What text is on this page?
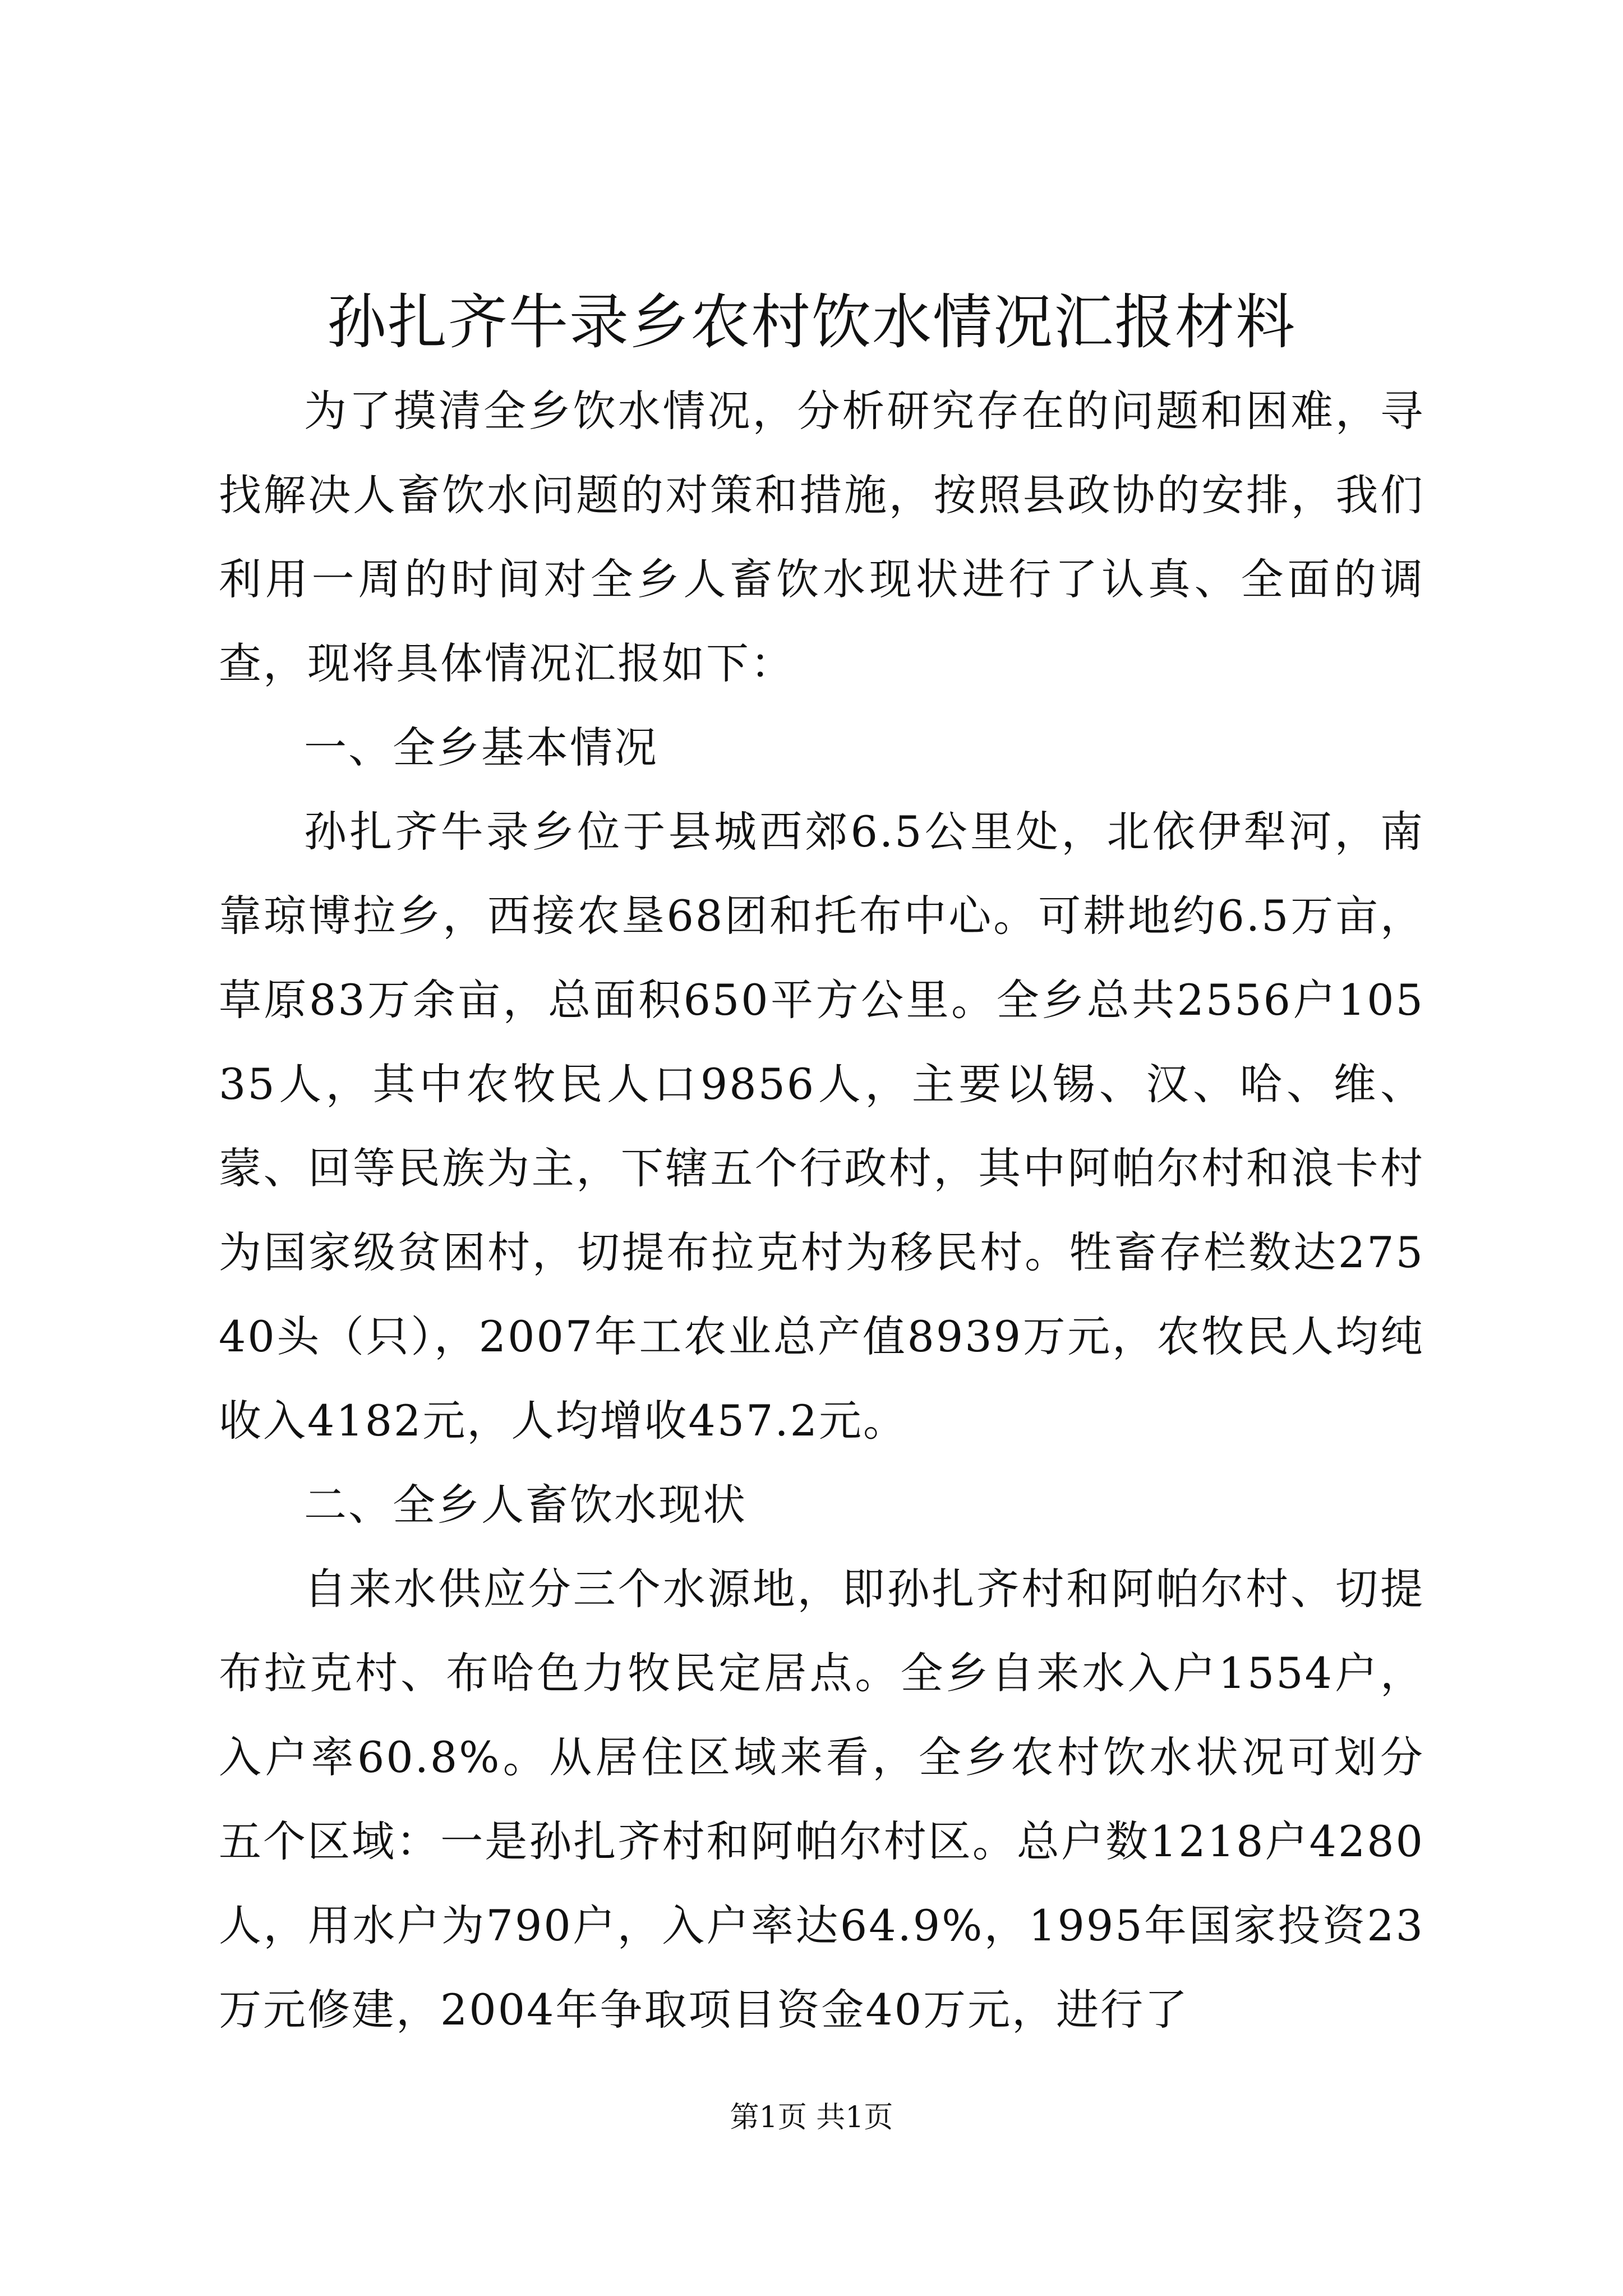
孙扎齐牛录乡农村饮水情况汇报材料

为了摸清全乡饮水情况，分析研究存在的问题和困难，寻找解决人畜饮水问题的对策和措施，按照县政协的安排，我们利用一周的时间对全乡人畜饮水现状进行了认真、全面的调查，现将具体情况汇报如下：

一、全乡基本情况

孙扎齐牛录乡位于县城西郊6.5公里处，北依伊犁河，南靠琼博拉乡，西接农垦68团和托布中心。可耕地约6.5万亩，草原83万余亩，总面积650平方公里。全乡总共2556户10535人，其中农牧民人口9856人，主要以锡、汉、哈、维、蒙、回等民族为主，下辖五个行政村，其中阿帕尔村和浪卡村为国家级贫困村，切提布拉克村为移民村。牲畜存栏数达27540头（只），2007年工农业总产值8939万元，农牧民人均纯收入4182元，人均增收457.2元。

二、全乡人畜饮水现状

自来水供应分三个水源地，即孙扎齐村和阿帕尔村、切提布拉克村、布哈色力牧民定居点。全乡自来水入户1554户，入户率60.8%。从居住区域来看，全乡农村饮水状况可划分五个区域：一是孙扎齐村和阿帕尔村区。总户数1218户4280人，用水户为790户，入户率达64.9%，1995年国家投资23万元修建，2004年争取项目资金40万元，进行了

第1页 共1页
